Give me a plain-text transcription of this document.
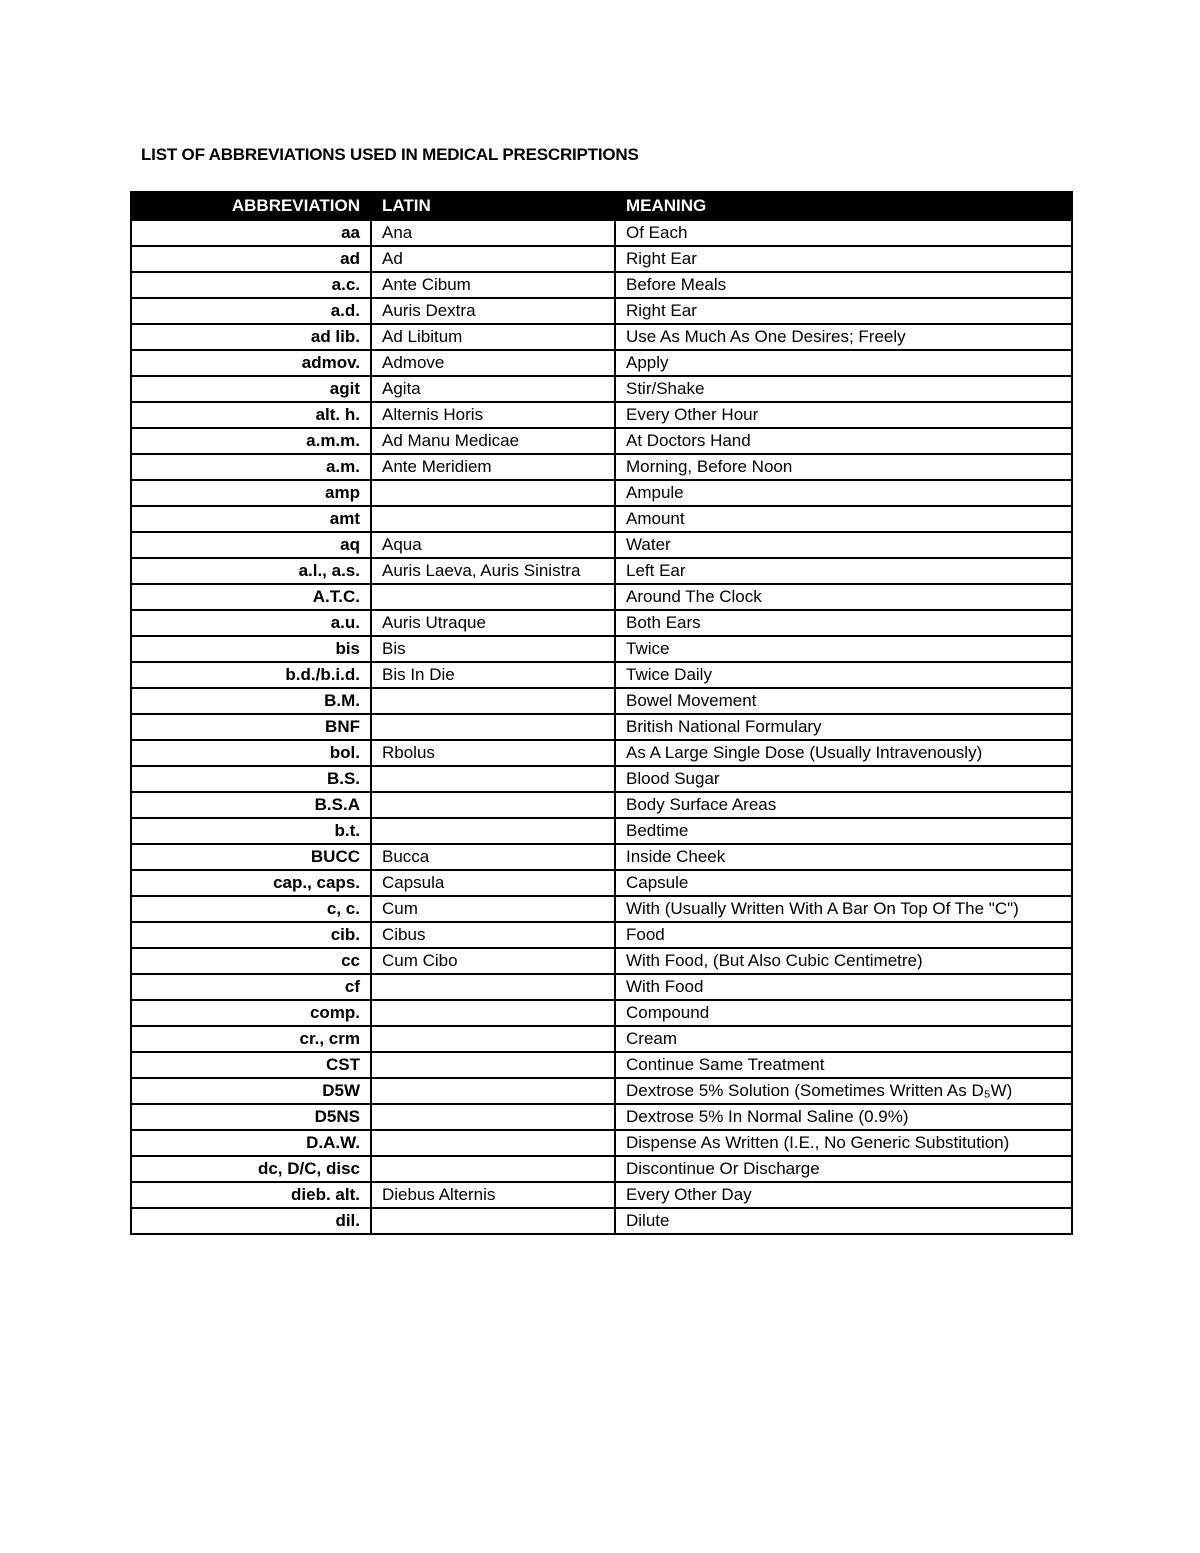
LIST OF ABBREVIATIONS USED IN MEDICAL PRESCRIPTIONS
ABBREVIATION	LATIN	MEANING
aa	Ana	Of Each
ad	Ad	Right Ear
a.c.	Ante Cibum	Before Meals
a.d.	Auris Dextra	Right Ear
ad lib.	Ad Libitum	Use As Much As One Desires; Freely
admov.	Admove	Apply
agit	Agita	Stir/Shake
alt. h.	Alternis Horis	Every Other Hour
a.m.m.	Ad Manu Medicae	At Doctors Hand
a.m.	Ante Meridiem	Morning, Before Noon
amp		Ampule
amt		Amount
aq	Aqua	Water
a.l., a.s.	Auris Laeva, Auris Sinistra	Left Ear
A.T.C.		Around The Clock
a.u.	Auris Utraque	Both Ears
bis	Bis	Twice
b.d./b.i.d.	Bis In Die	Twice Daily
B.M.		Bowel Movement
BNF		British National Formulary
bol.	Rbolus	As A Large Single Dose (Usually Intravenously)
B.S.		Blood Sugar
B.S.A		Body Surface Areas
b.t.		Bedtime
BUCC	Bucca	Inside Cheek
cap., caps.	Capsula	Capsule
c, c.	Cum	With (Usually Written With A Bar On Top Of The "C")
cib.	Cibus	Food
cc	Cum Cibo	With Food, (But Also Cubic Centimetre)
cf		With Food
comp.		Compound
cr., crm		Cream
CST		Continue Same Treatment
D5W		Dextrose 5% Solution (Sometimes Written As D₅W)
D5NS		Dextrose 5% In Normal Saline (0.9%)
D.A.W.		Dispense As Written (I.E., No Generic Substitution)
dc, D/C, disc		Discontinue Or Discharge
dieb. alt.	Diebus Alternis	Every Other Day
dil.		Dilute
